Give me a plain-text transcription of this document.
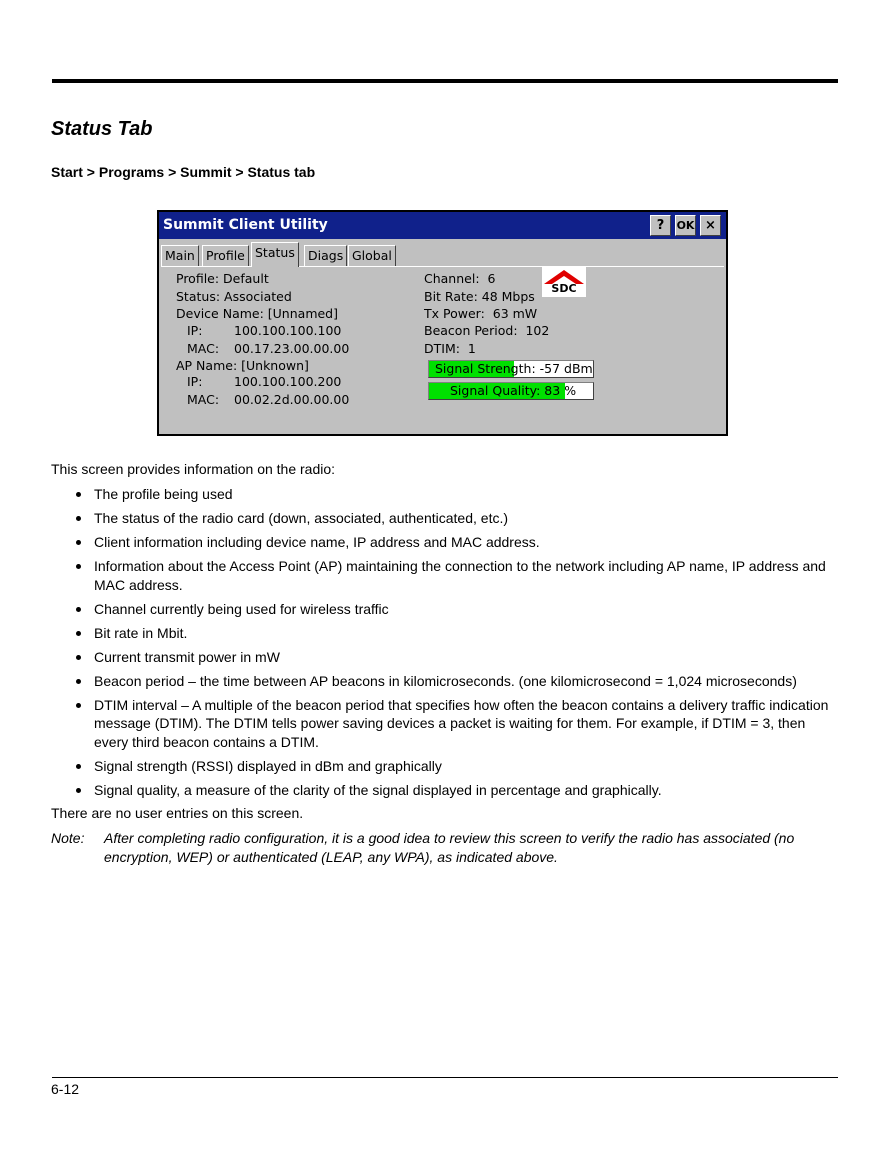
Status Tab
Start > Programs > Summit > Status tab
Summit Client Utility	?	OK ×
Main Profile Status	Diags Global
Profile: Default
Status: Associated
Device Name: [Unnamed]
IP:	100.100.100.100
MAC: 00.17.23.00.00.00
AP Name: [Unknown]
IP:	100.100.100.200
MAC: 00.02.2d.00.00.00
Channel:  6
Bit Rate: 48 Mbps
Tx Power:  63 mW
Beacon Period:  102
DTIM:  1
SDC
Signal Strength: -57 dBm
Signal Quality: 83 %
This screen provides information on the radio:
The profile being used
The status of the radio card (down, associated, authenticated, etc.)
Client information including device name, IP address and MAC address.
Information about the Access Point (AP) maintaining the connection to the network including AP name, IP address and MAC address.
Channel currently being used for wireless traffic
Bit rate in Mbit.
Current transmit power in mW
Beacon period – the time between AP beacons in kilomicroseconds. (one kilomicrosecond = 1,024 microseconds)
DTIM interval – A multiple of the beacon period that specifies how often the beacon contains a delivery traffic indication message (DTIM). The DTIM tells power saving devices a packet is waiting for them. For example, if DTIM = 3, then every third beacon contains a DTIM.
Signal strength (RSSI) displayed in dBm and graphically
Signal quality, a measure of the clarity of the signal displayed in percentage and graphically.
There are no user entries on this screen.
Note: After completing radio configuration, it is a good idea to review this screen to verify the radio has associated (no encryption, WEP) or authenticated (LEAP, any WPA), as indicated above.
6-12
